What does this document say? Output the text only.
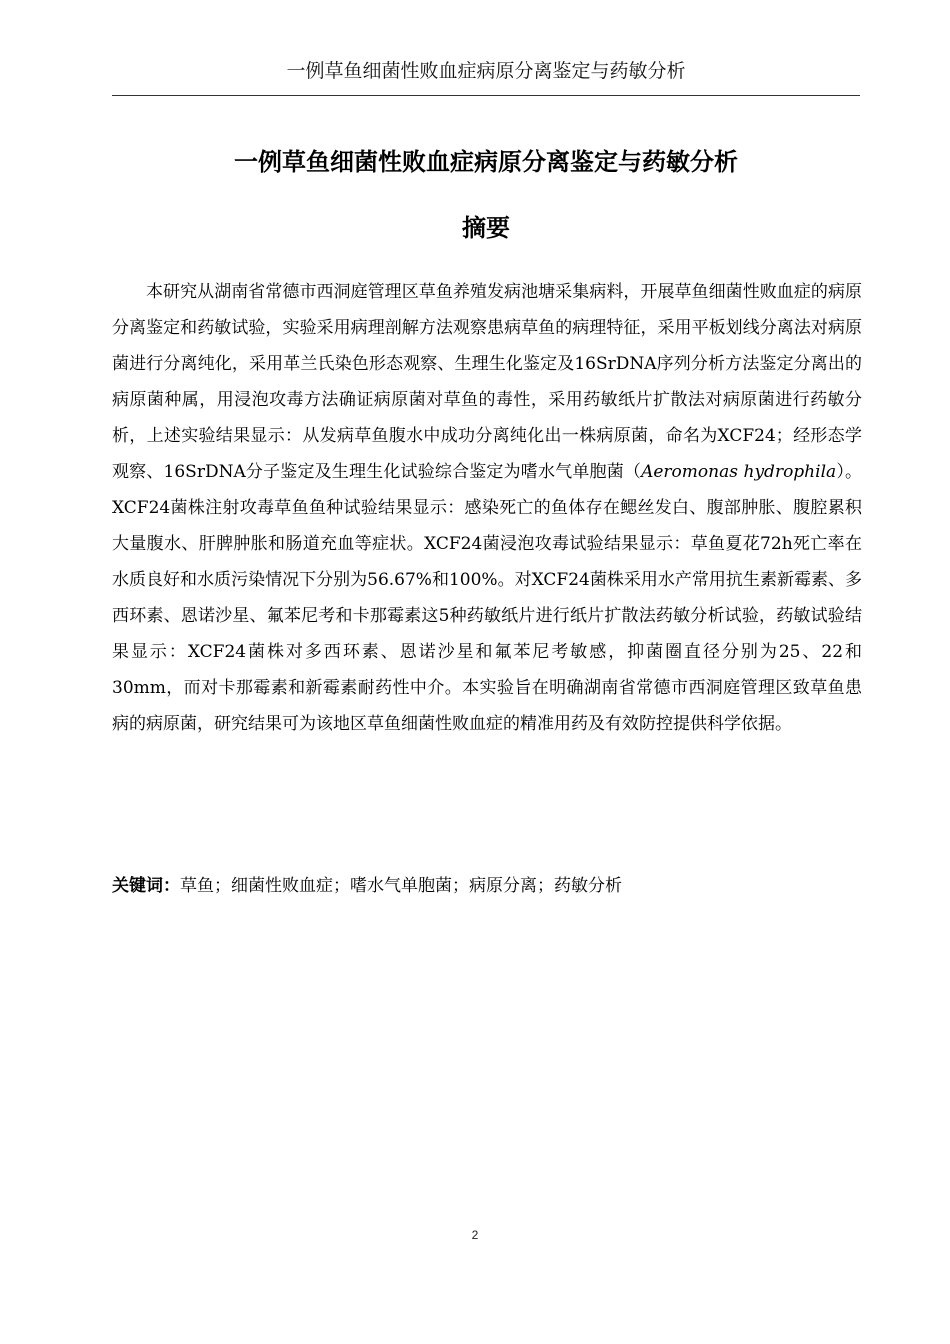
一例草鱼细菌性败血症病原分离鉴定与药敏分析
一例草鱼细菌性败血症病原分离鉴定与药敏分析
摘要

本研究从湖南省常德市西洞庭管理区草鱼养殖发病池塘采集病料，开展草鱼细菌性败血症的病原分离鉴定和药敏试验，实验采用病理剖解方法观察患病草鱼的病理特征，采用平板划线分离法对病原菌进行分离纯化，采用革兰氏染色形态观察、生理生化鉴定及16SrDNA序列分析方法鉴定分离出的病原菌种属，用浸泡攻毒方法确证病原菌对草鱼的毒性，采用药敏纸片扩散法对病原菌进行药敏分析，上述实验结果显示：从发病草鱼腹水中成功分离纯化出一株病原菌，命名为XCF24；经形态学观察、16SrDNA分子鉴定及生理生化试验综合鉴定为嗜水气单胞菌（Aeromonas hydrophila）。XCF24菌株注射攻毒草鱼鱼种试验结果显示：感染死亡的鱼体存在鳃丝发白、腹部肿胀、腹腔累积大量腹水、肝脾肿胀和肠道充血等症状。XCF24菌浸泡攻毒试验结果显示：草鱼夏花72h死亡率在水质良好和水质污染情况下分别为56.67%和100%。对XCF24菌株采用水产常用抗生素新霉素、多西环素、恩诺沙星、氟苯尼考和卡那霉素这5种药敏纸片进行纸片扩散法药敏分析试验，药敏试验结果显示：XCF24菌株对多西环素、恩诺沙星和氟苯尼考敏感，抑菌圈直径分别为25、22和30mm，而对卡那霉素和新霉素耐药性中介。本实验旨在明确湖南省常德市西洞庭管理区致草鱼患病的病原菌，研究结果可为该地区草鱼细菌性败血症的精准用药及有效防控提供科学依据。

关键词：草鱼；细菌性败血症；嗜水气单胞菌；病原分离；药敏分析
2
